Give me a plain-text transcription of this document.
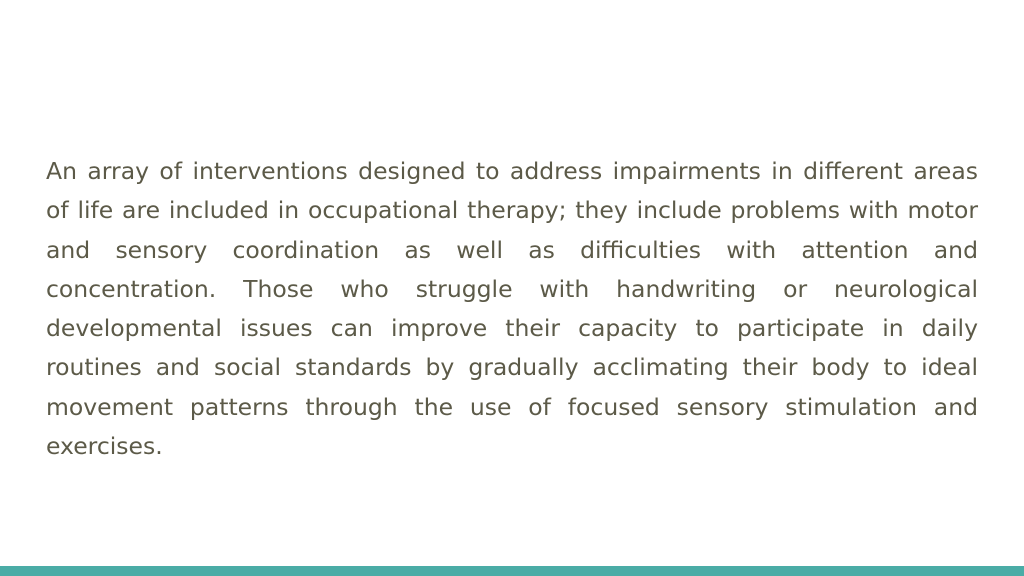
An array of interventions designed to address impairments in different areas of life are included in occupational therapy; they include problems with motor and sensory coordination as well as difficulties with attention and concentration. Those who struggle with handwriting or neurological developmental issues can improve their capacity to participate in daily routines and social standards by gradually acclimating their body to ideal movement patterns through the use of focused sensory stimulation and exercises.
